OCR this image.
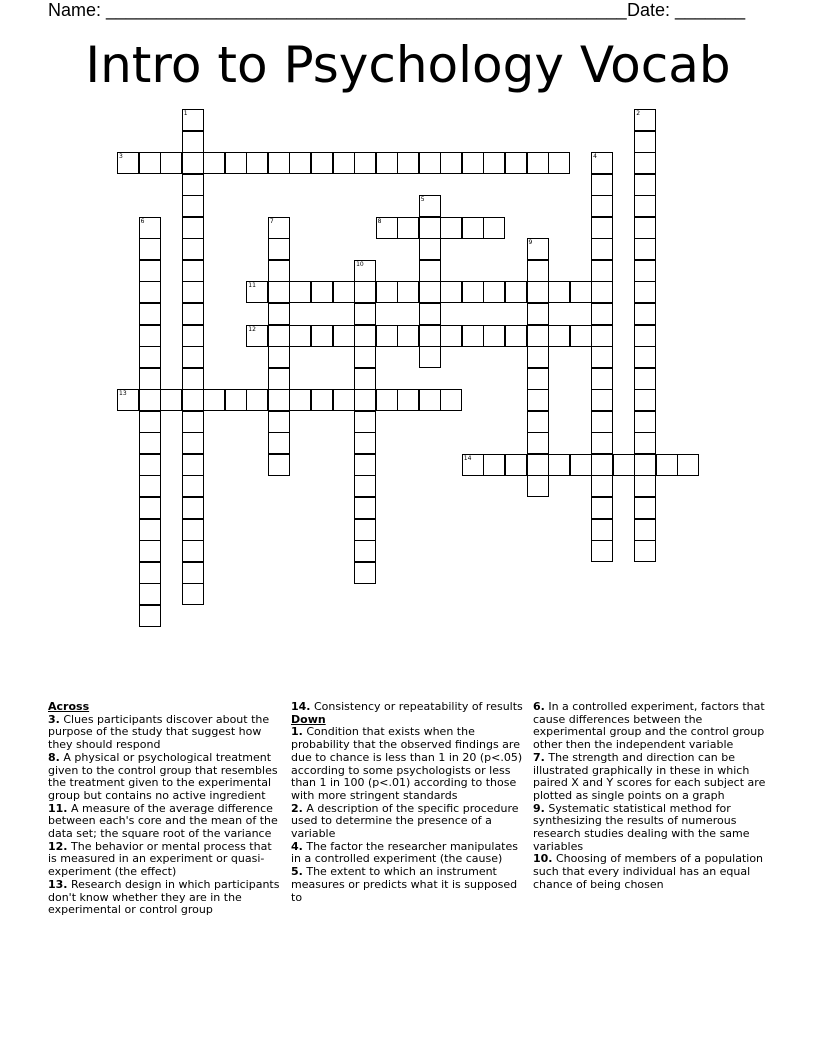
Name: ____________________________________________________ Date: _______
Intro to Psychology Vocab
1	2
3	4
5
6	7	8
9
10
11
12
13
14
Across

3. Clues participants discover about the purpose of the study that suggest how they should respond

8. A physical or psychological treatment given to the control group that resembles the treatment given to the experimental group but contains no active ingredient

11. A measure of the average difference between each's core and the mean of the data set; the square root of the variance

12. The behavior or mental process that is measured in an experiment or quasi-experiment (the effect)

13. Research design in which participants don't know whether they are in the experimental or control group

14. Consistency or repeatability of results

Down

1. Condition that exists when the probability that the observed findings are due to chance is less than 1 in 20 (p<.05) according to some psychologists or less than 1 in 100 (p<.01) according to those with more stringent standards

2. A description of the specific procedure used to determine the presence of a variable

4. The factor the researcher manipulates in a controlled experiment (the cause)

5. The extent to which an instrument measures or predicts what it is supposed to

6. In a controlled experiment, factors that cause differences between the experimental group and the control group other then the independent variable

7. The strength and direction can be illustrated graphically in these in which paired X and Y scores for each subject are plotted as single points on a graph

9. Systematic statistical method for synthesizing the results of numerous research studies dealing with the same variables

10. Choosing of members of a population such that every individual has an equal chance of being chosen
